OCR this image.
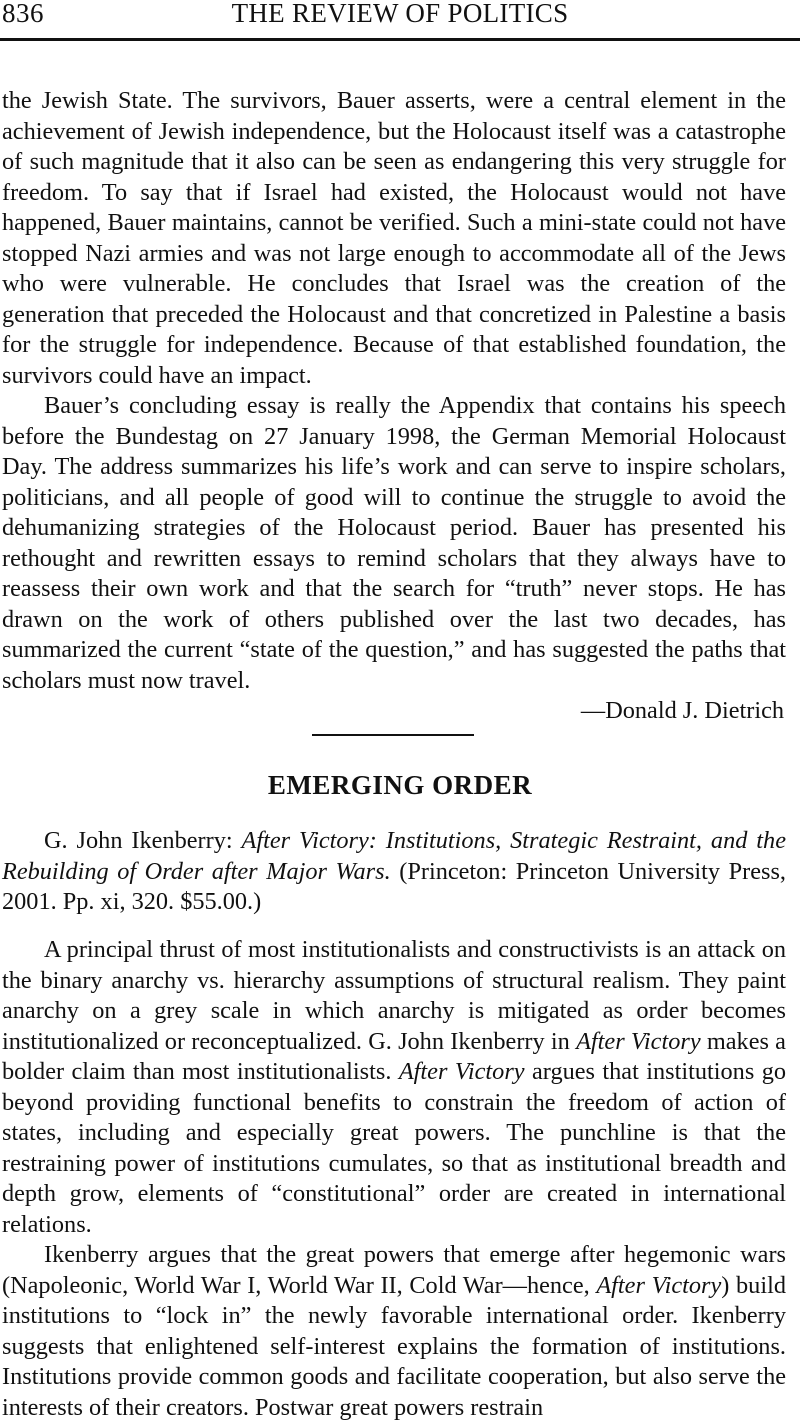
836	THE REVIEW OF POLITICS

the Jewish State. The survivors, Bauer asserts, were a central element in the achievement of Jewish independence, but the Holocaust itself was a catastrophe of such magnitude that it also can be seen as endangering this very struggle for freedom. To say that if Israel had existed, the Holocaust would not have happened, Bauer maintains, cannot be verified. Such a mini-state could not have stopped Nazi armies and was not large enough to accommodate all of the Jews who were vulnerable. He concludes that Israel was the creation of the generation that preceded the Holocaust and that concretized in Palestine a basis for the struggle for independence. Because of that established foundation, the survivors could have an impact.

Bauer’s concluding essay is really the Appendix that contains his speech before the Bundestag on 27 January 1998, the German Memorial Holocaust Day. The address summarizes his life’s work and can serve to inspire scholars, politicians, and all people of good will to continue the struggle to avoid the dehumanizing strategies of the Holocaust period. Bauer has presented his rethought and rewritten essays to remind scholars that they always have to reassess their own work and that the search for “truth” never stops. He has drawn on the work of others published over the last two decades, has summarized the current “state of the question,” and has suggested the paths that scholars must now travel.

—Donald J. Dietrich

EMERGING ORDER

G. John Ikenberry: After Victory: Institutions, Strategic Restraint, and the Rebuilding of Order after Major Wars. (Princeton: Princeton University Press, 2001. Pp. xi, 320. $55.00.)

A principal thrust of most institutionalists and constructivists is an attack on the binary anarchy vs. hierarchy assumptions of structural realism. They paint anarchy on a grey scale in which anarchy is mitigated as order becomes institutionalized or reconceptualized. G. John Ikenberry in After Victory makes a bolder claim than most institutionalists. After Victory argues that institutions go beyond providing functional benefits to constrain the freedom of action of states, including and especially great powers. The punchline is that the restraining power of institutions cumulates, so that as institutional breadth and depth grow, elements of “constitutional” order are created in international relations.

Ikenberry argues that the great powers that emerge after hegemonic wars (Napoleonic, World War I, World War II, Cold War—hence, After Victory) build institutions to “lock in” the newly favorable international order. Ikenberry suggests that enlightened self-interest explains the formation of institutions. Institutions provide common goods and facilitate cooperation, but also serve the interests of their creators. Postwar great powers restrain
